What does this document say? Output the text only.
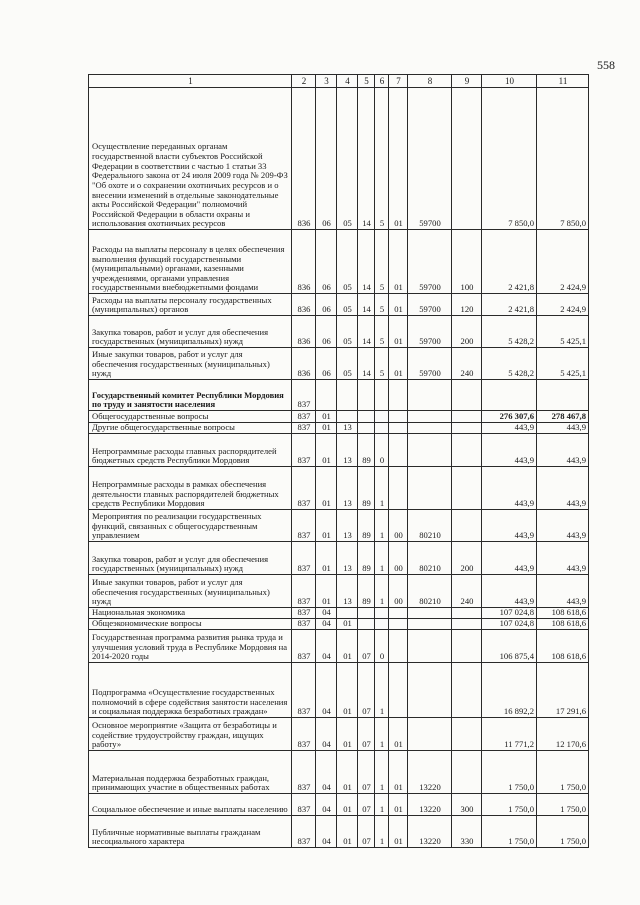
558
1	2	3	4	5	6	7	8	9	10	11
Осуществление переданных органам государственной власти субъектов Российской Федерации в соответствии с частью 1 статьи 33 Федерального закона от 24 июля 2009 года № 209-ФЗ "Об охоте и о сохранении охотничьих ресурсов и о внесении изменений в отдельные законодательные акты Российской Федерации" полномочий Российской Федерации в области охраны и использования охотничьих ресурсов	836	06	05	14	5	01	59700		7 850,0	7 850,0
Расходы на выплаты персоналу в целях обеспечения выполнения функций государственными (муниципальными) органами, казенными учреждениями, органами управления государственными внебюджетными фондами	836	06	05	14	5	01	59700	100	2 421,8	2 424,9
Расходы на выплаты персоналу государственных (муниципальных) органов	836	06	05	14	5	01	59700	120	2 421,8	2 424,9
Закупка товаров, работ и услуг для обеспечения государственных (муниципальных) нужд	836	06	05	14	5	01	59700	200	5 428,2	5 425,1
Иные закупки товаров, работ и услуг для обеспечения государственных (муниципальных) нужд	836	06	05	14	5	01	59700	240	5 428,2	5 425,1
Государственный комитет Республики Мордовия по труду и занятости населения	837									
Общегосударственные вопросы	837	01							276 307,6	278 467,8
Другие общегосударственные вопросы	837	01	13						443,9	443,9
Непрограммные расходы главных распорядителей бюджетных средств Республики Мордовия	837	01	13	89	0				443,9	443,9
Непрограммные расходы в рамках обеспечения деятельности главных распорядителей бюджетных средств Республики Мордовия	837	01	13	89	1				443,9	443,9
Мероприятия по реализации государственных функций, связанных с общегосударственным управлением	837	01	13	89	1	00	80210		443,9	443,9
Закупка товаров, работ и услуг для обеспечения государственных (муниципальных) нужд	837	01	13	89	1	00	80210	200	443,9	443,9
Иные закупки товаров, работ и услуг для обеспечения государственных (муниципальных) нужд	837	01	13	89	1	00	80210	240	443,9	443,9
Национальная экономика	837	04							107 024,8	108 618,6
Общеэкономические вопросы	837	04	01						107 024,8	108 618,6
Государственная программа развития рынка труда и улучшения условий труда в Республике Мордовия на 2014-2020 годы	837	04	01	07	0				106 875,4	108 618,6
Подпрограмма «Осуществление государственных полномочий в сфере содействия занятости населения и социальная поддержка безработных граждан»	837	04	01	07	1				16 892,2	17 291,6
Основное мероприятие «Защита от безработицы и содействие трудоустройству граждан, ищущих работу»	837	04	01	07	1	01			11 771,2	12 170,6
Материальная поддержка безработных граждан, принимающих участие в общественных работах	837	04	01	07	1	01	13220		1 750,0	1 750,0
Социальное обеспечение и иные выплаты населению	837	04	01	07	1	01	13220	300	1 750,0	1 750,0
Публичные нормативные выплаты гражданам несоциального характера	837	04	01	07	1	01	13220	330	1 750,0	1 750,0
